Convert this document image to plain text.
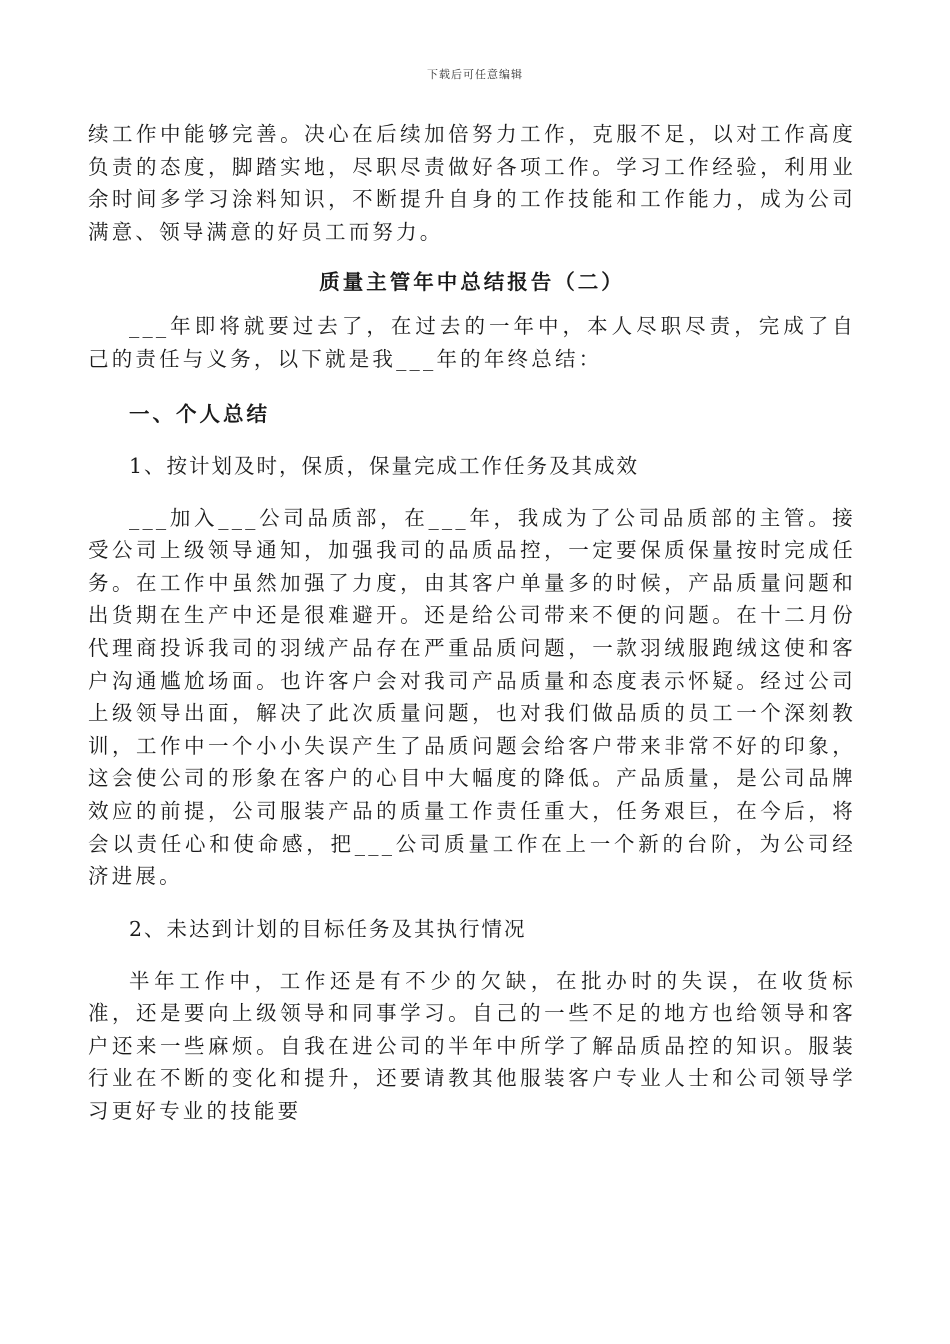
下载后可任意编辑

续工作中能够完善。决心在后续加倍努力工作，克服不足，以对工作高度负责的态度，脚踏实地，尽职尽责做好各项工作。学习工作经验，利用业余时间多学习涂料知识，不断提升自身的工作技能和工作能力，成为公司满意、领导满意的好员工而努力。

质量主管年中总结报告（二）

___年即将就要过去了，在过去的一年中，本人尽职尽责，完成了自己的责任与义务，以下就是我___年的年终总结：

一、个人总结
1、按计划及时，保质，保量完成工作任务及其成效

___加入___公司品质部，在___年，我成为了公司品质部的主管。接受公司上级领导通知，加强我司的品质品控，一定要保质保量按时完成任务。在工作中虽然加强了力度，由其客户单量多的时候，产品质量问题和出货期在生产中还是很难避开。还是给公司带来不便的问题。在十二月份代理商投诉我司的羽绒产品存在严重品质问题，一款羽绒服跑绒这使和客户沟通尴尬场面。也许客户会对我司产品质量和态度表示怀疑。经过公司上级领导出面，解决了此次质量问题，也对我们做品质的员工一个深刻教训，工作中一个小小失误产生了品质问题会给客户带来非常不好的印象，这会使公司的形象在客户的心目中大幅度的降低。产品质量，是公司品牌效应的前提，公司服装产品的质量工作责任重大，任务艰巨，在今后，将会以责任心和使命感，把___公司质量工作在上一个新的台阶，为公司经济进展。

2、未达到计划的目标任务及其执行情况

半年工作中，工作还是有不少的欠缺，在批办时的失误，在收货标准，还是要向上级领导和同事学习。自己的一些不足的地方也给领导和客户还来一些麻烦。自我在进公司的半年中所学了解品质品控的知识。服装行业在不断的变化和提升，还要请教其他服装客户专业人士和公司领导学习更好专业的技能要
